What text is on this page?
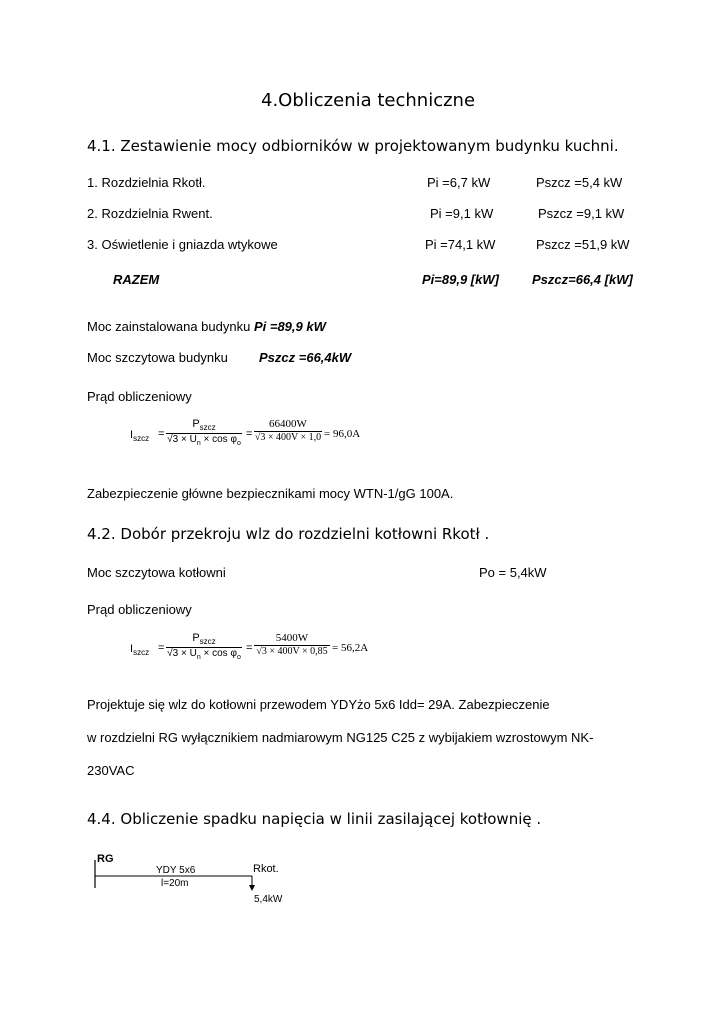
4.Obliczenia techniczne
4.1. Zestawienie mocy odbiorników w projektowanym budynku kuchni.
1. Rozdzielnia Rkotł.	Pi =6,7 kW	Pszcz =5,4 kW
2. Rozdzielnia Rwent.	Pi =9,1 kW	Pszcz =9,1 kW
3. Oświetlenie i gniazda wtykowe	Pi =74,1 kW	Pszcz =51,9 kW
RAZEM	Pi=89,9 [kW]	Pszcz=66,4 [kW]
Moc zainstalowana budynku Pi =89,9 kW
Moc szczytowa budynku Pszcz =66,4kW
Prąd obliczeniowy
$I_{szcz}$ =
$P_{szcz}$
$√3 \times U_n \times \cos \varphi_o$
= $\frac{66400W}{√3 \times 400V \times 1,0} = 96,0A$
Zabezpieczenie główne bezpiecznikami mocy WTN-1/gG 100A.
4.2. Dobór przekroju wlz do rozdzielni kotłowni Rkotł .
Moc szczytowa kotłowni	Po = 5,4kW
Prąd obliczeniowy
$I_{szcz}$ =
$P_{szcz}$
$√3 \times U_n \times \cos \varphi_o$
= $\frac{5400W}{√3 \times 400V \times 0,85} = 56,2A$
Projektuje się wlz do kotłowni przewodem YDYżo 5x6 Idd= 29A. Zabezpieczenie
w rozdzielni RG wyłącznikiem nadmiarowym NG125 C25 z wybijakiem wzrostowym NK-
230VAC
4.4. Obliczenie spadku napięcia w linii zasilającej kotłownię .
RG
YDY 5x6
l=20m
Rkot.
5,4kW
